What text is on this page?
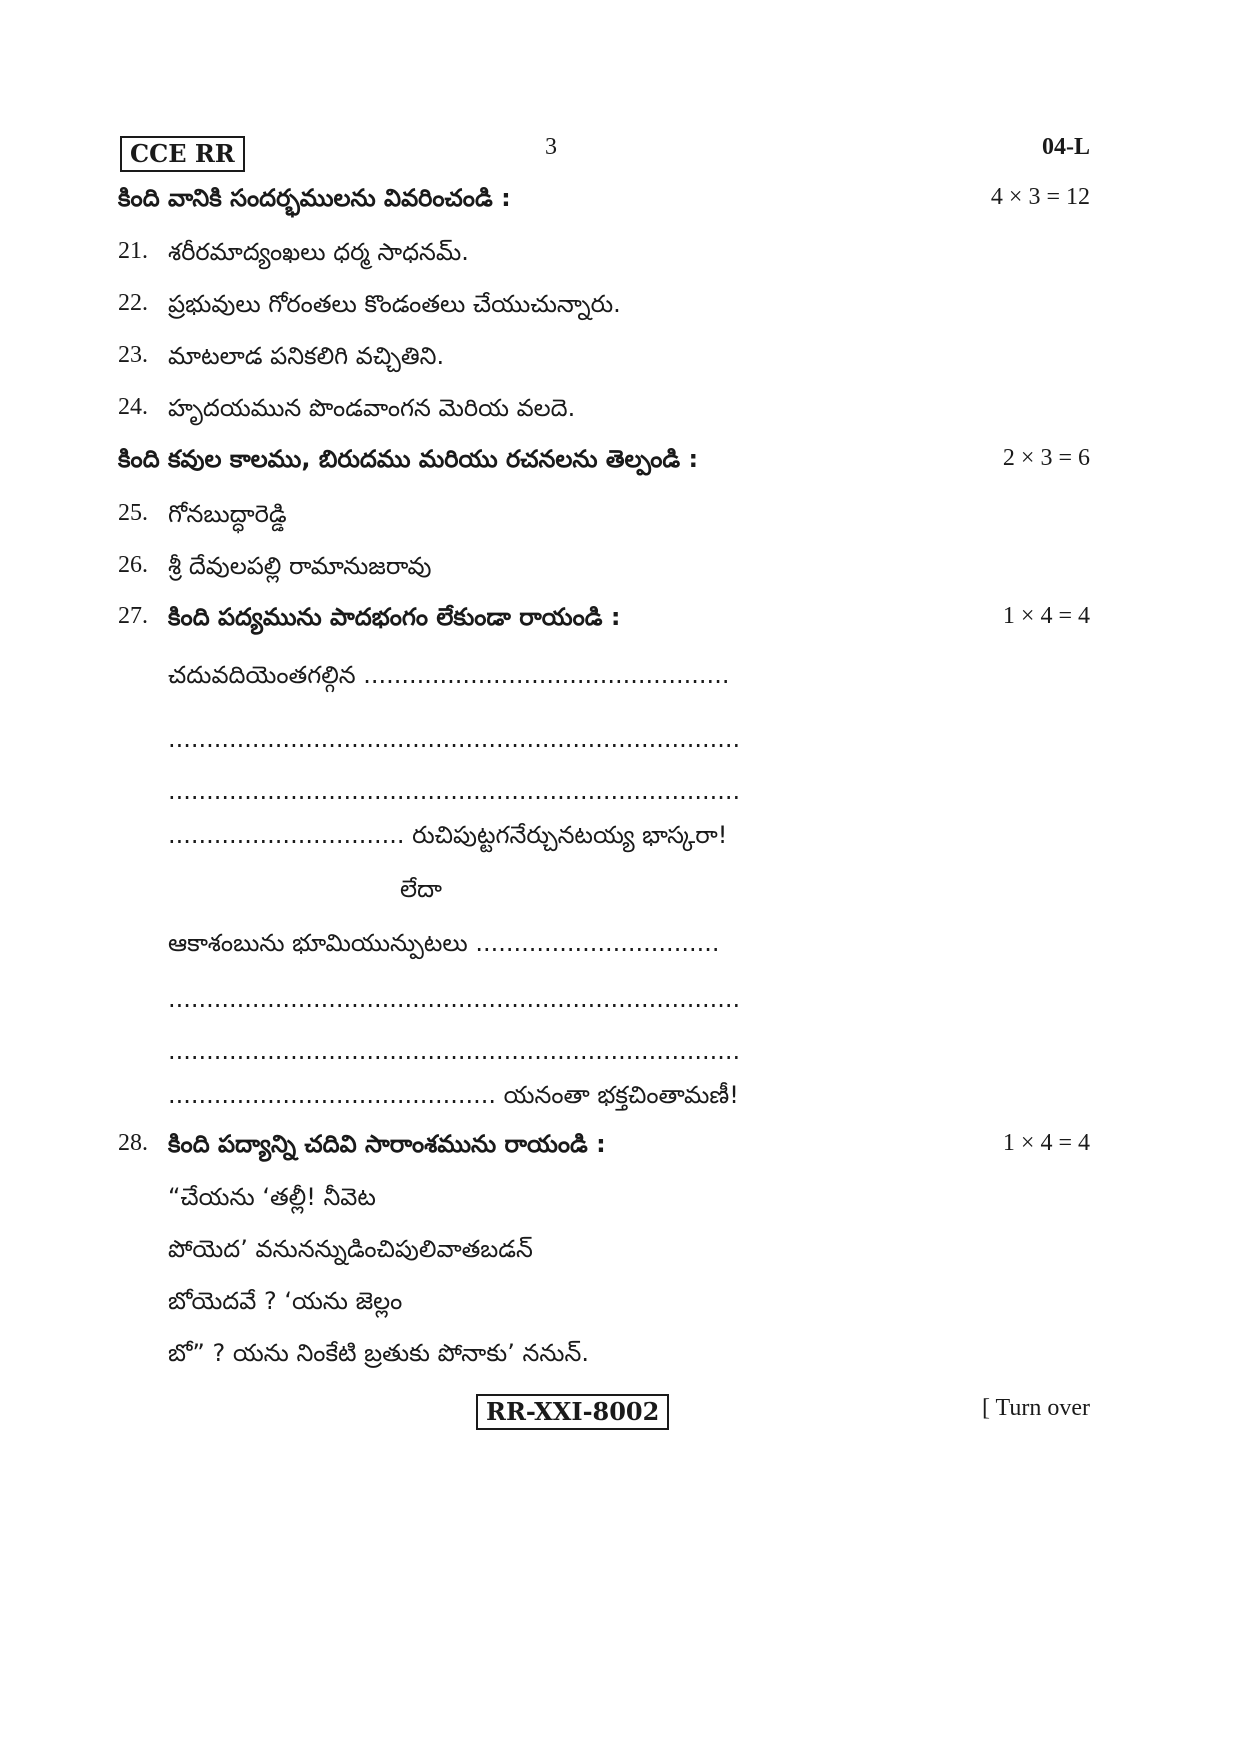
CCE RR	3	04-L
కింది వానికి సందర్భములను వివరించండి :	4 × 3 = 12
21. శరీరమాద్యంఖలు ధర్మ సాధనమ్.
22. ప్రభువులు గోరంతలు కొండంతలు చేయుచున్నారు.
23. మాటలాడ పనికలిగి వచ్చితిని.
24. హృదయమున పొండవాంగన మెరియ వలదె.
కింది కవుల కాలము, బిరుదము మరియు రచనలను తెల్పండి :	2 × 3 = 6
25. గోనబుద్ధారెడ్డి
26. శ్రీ దేవులపల్లి రామానుజరావు
27. కింది పద్యమును పాదభంగం లేకుండా రాయండి :	1 × 4 = 4
చదువదియెంతగల్గిన ................................................
...........................................................................
...........................................................................
............................... రుచిపుట్టగనేర్చునటయ్య భాస్కరా!
లేదా
ఆకాశంబును భూమియున్పుటలు ................................
...........................................................................
...........................................................................
........................................... యనంతా భక్తచింతామణీ!
28. కింది పద్యాన్ని చదివి సారాంశమును రాయండి :	1 × 4 = 4
“చేయను ‘తల్లీ! నీవెట
పోయెద’ వనునన్నుడించిపులివాతబడన్
బోయెదవే ? ‘యను జెల్లం
బో” ? యను నింకేటి బ్రతుకు పోనాకు’ ననున్.
RR-XXI-8002	[ Turn over
